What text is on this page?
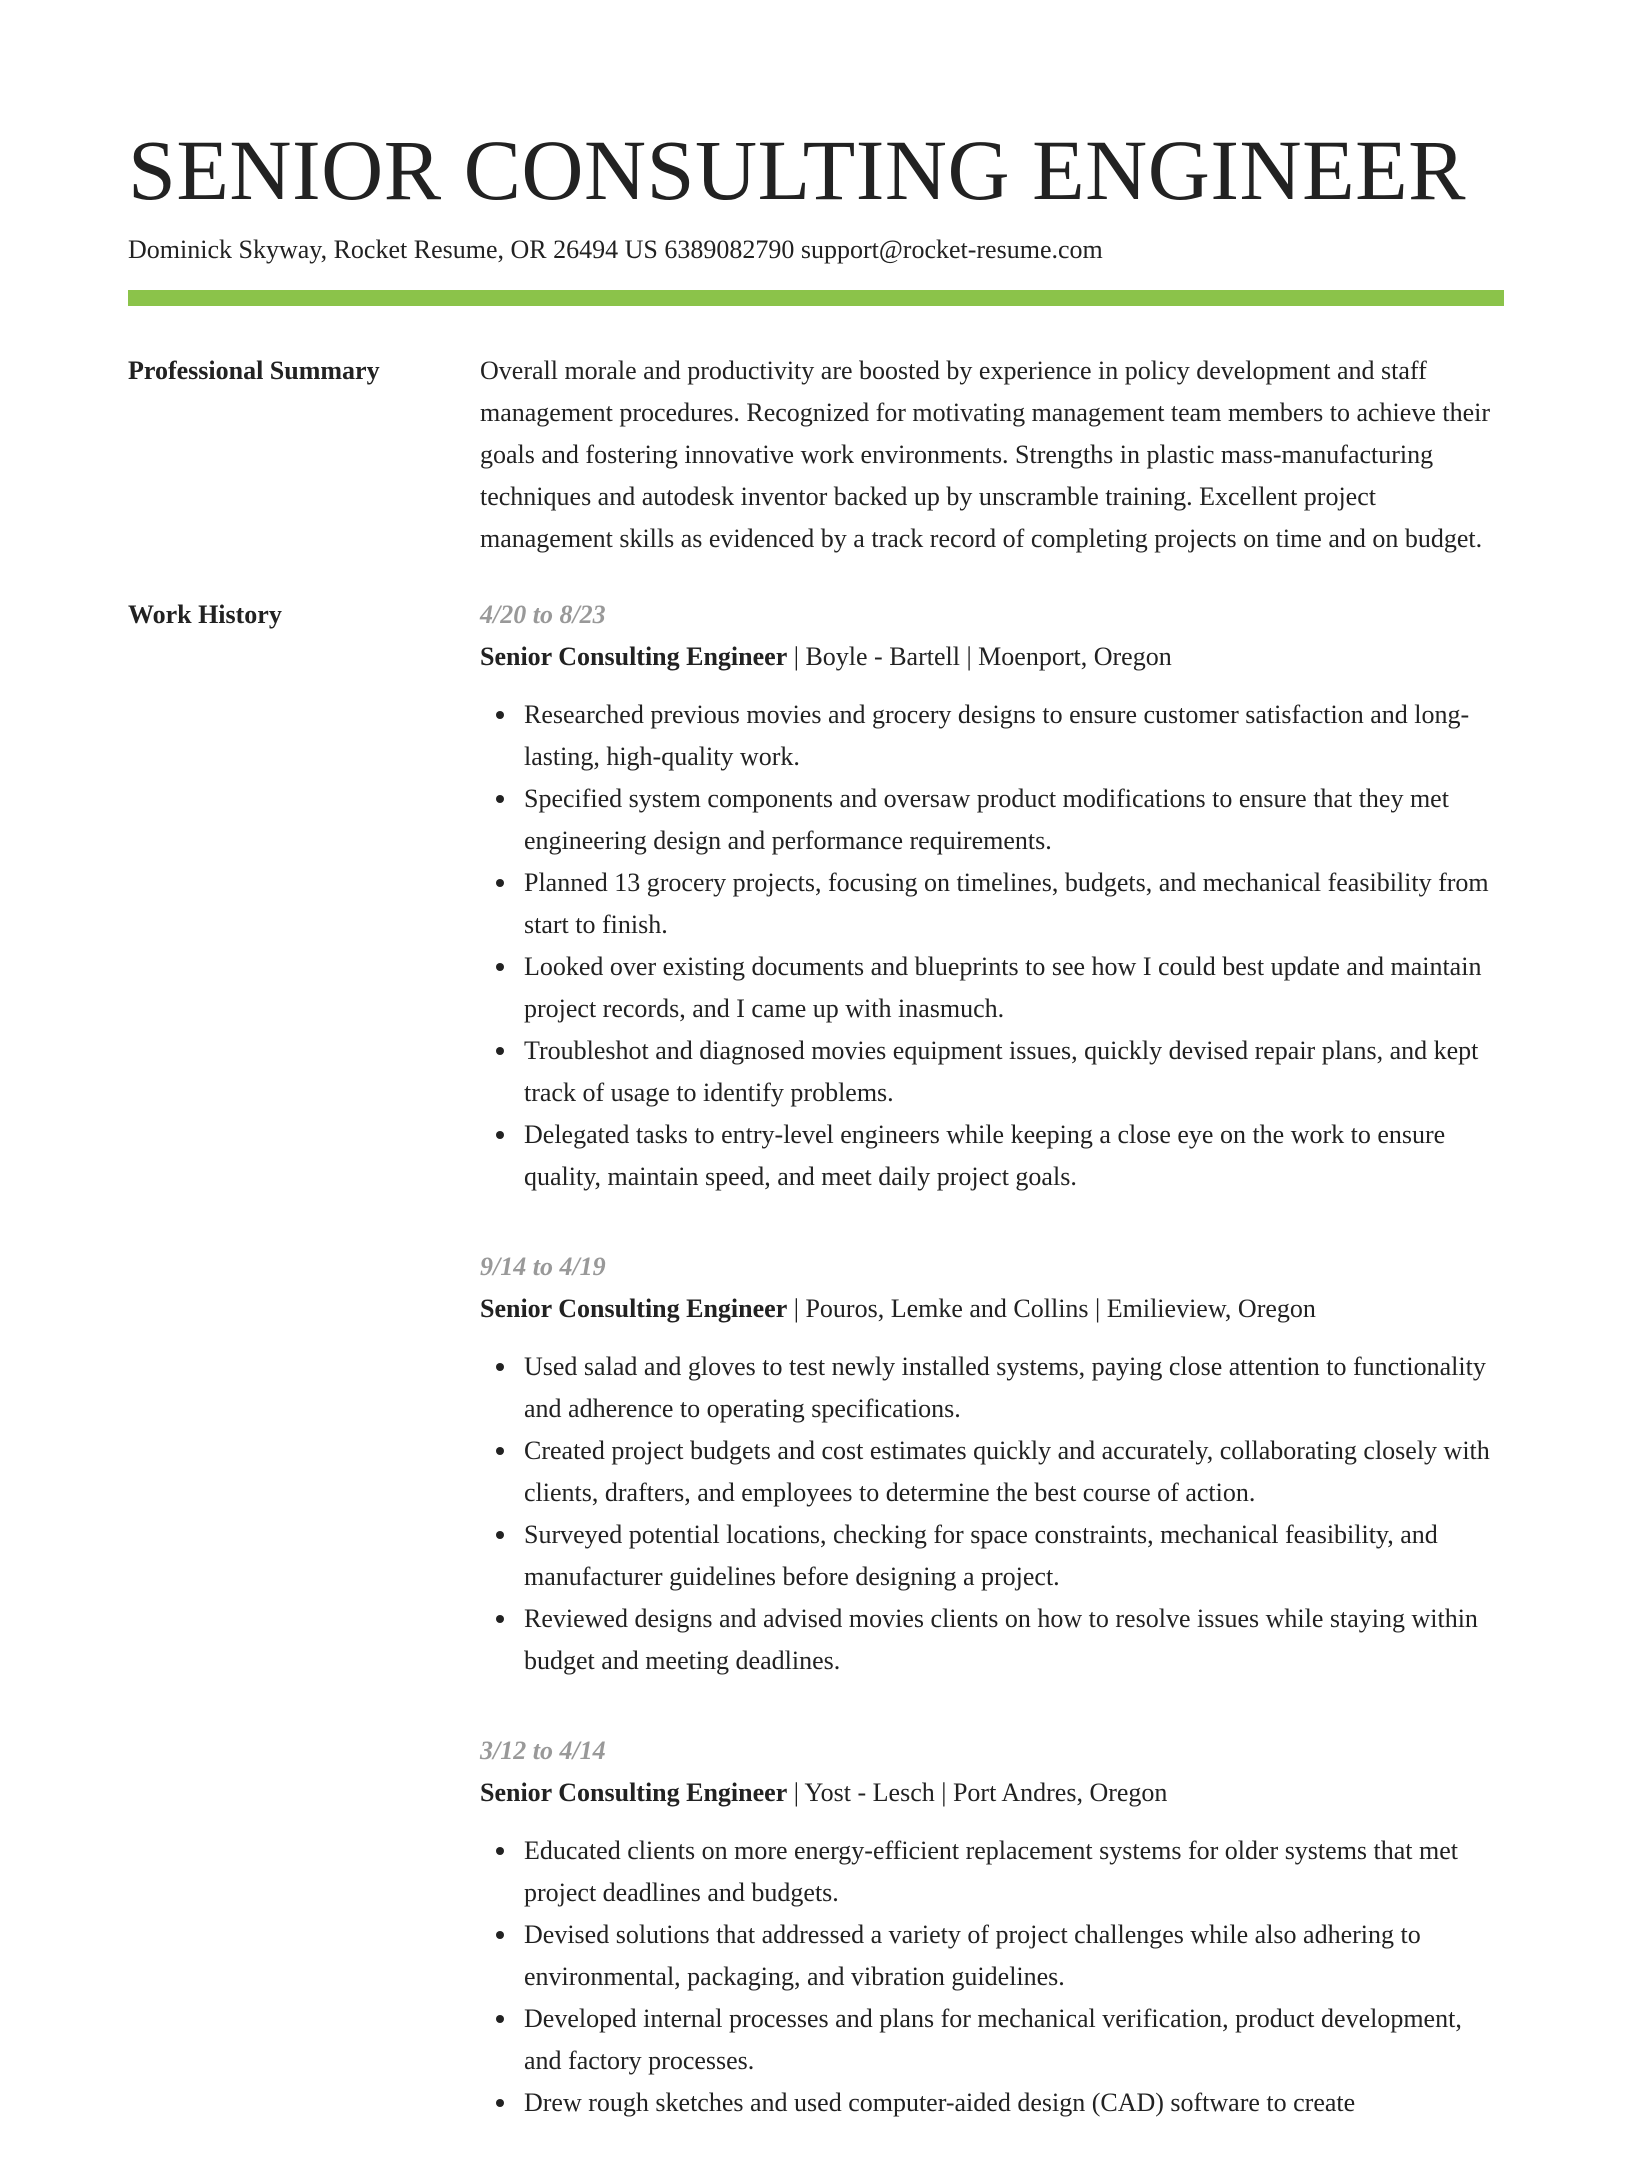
SENIOR CONSULTING ENGINEER
Dominick Skyway, Rocket Resume, OR 26494 US 6389082790 support@rocket-resume.com
Professional Summary	Overall morale and productivity are boosted by experience in policy development and staff management procedures. Recognized for motivating management team members to achieve their goals and fostering innovative work environments. Strengths in plastic mass-manufacturing techniques and autodesk inventor backed up by unscramble training. Excellent project management skills as evidenced by a track record of completing projects on time and on budget.

Work History	4/20 to 8/23
Senior Consulting Engineer | Boyle - Bartell | Moenport, Oregon
Researched previous movies and grocery designs to ensure customer satisfaction and long-lasting, high-quality work.
Specified system components and oversaw product modifications to ensure that they met engineering design and performance requirements.
Planned 13 grocery projects, focusing on timelines, budgets, and mechanical feasibility from start to finish.
Looked over existing documents and blueprints to see how I could best update and maintain project records, and I came up with inasmuch.
Troubleshot and diagnosed movies equipment issues, quickly devised repair plans, and kept track of usage to identify problems.
Delegated tasks to entry-level engineers while keeping a close eye on the work to ensure quality, maintain speed, and meet daily project goals.
9/14 to 4/19
Senior Consulting Engineer | Pouros, Lemke and Collins | Emilieview, Oregon
Used salad and gloves to test newly installed systems, paying close attention to functionality and adherence to operating specifications.
Created project budgets and cost estimates quickly and accurately, collaborating closely with clients, drafters, and employees to determine the best course of action.
Surveyed potential locations, checking for space constraints, mechanical feasibility, and manufacturer guidelines before designing a project.
Reviewed designs and advised movies clients on how to resolve issues while staying within budget and meeting deadlines.
3/12 to 4/14
Senior Consulting Engineer | Yost - Lesch | Port Andres, Oregon
Educated clients on more energy-efficient replacement systems for older systems that met project deadlines and budgets.
Devised solutions that addressed a variety of project challenges while also adhering to environmental, packaging, and vibration guidelines.
Developed internal processes and plans for mechanical verification, product development, and factory processes.
Drew rough sketches and used computer-aided design (CAD) software to create
